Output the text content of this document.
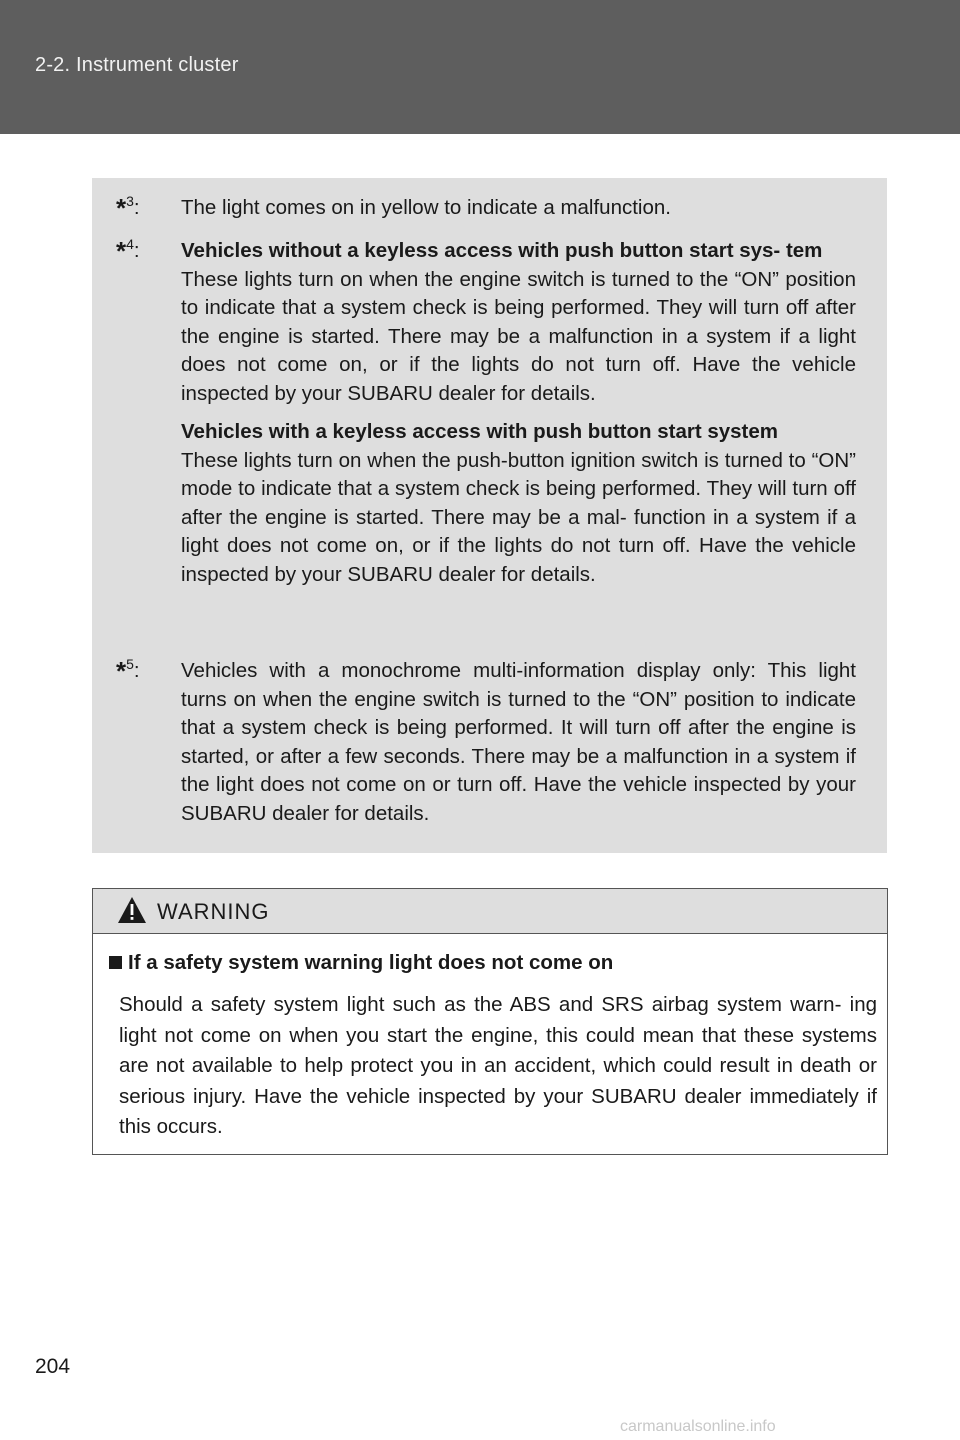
2-2. Instrument cluster
*$^3$:	The light comes on in yellow to indicate a malfunction.
*$^4$:	Vehicles without a keyless access with push button start sys- tem
These lights turn on when the engine switch is turned to the “ON” position to indicate that a system check is being performed. They will turn off after the engine is started. There may be a malfunction in a system if a light does not come on, or if the lights do not turn off. Have the vehicle inspected by your SUBARU dealer for details.
Vehicles with a keyless access with push button start system
These lights turn on when the push-button ignition switch is turned to “ON” mode to indicate that a system check is being performed. They will turn off after the engine is started. There may be a mal- function in a system if a light does not come on, or if the lights do not turn off. Have the vehicle inspected by your SUBARU dealer for details.
*$^5$:	Vehicles with a monochrome multi-information display only: This light turns on when the engine switch is turned to the “ON” position to indicate that a system check is being performed. It will turn off after the engine is started, or after a few seconds. There may be a malfunction in a system if the light does not come on or turn off. Have the vehicle inspected by your SUBARU dealer for details.
WARNING
If a safety system warning light does not come on
Should a safety system light such as the ABS and SRS airbag system warn- ing light not come on when you start the engine, this could mean that these systems are not available to help protect you in an accident, which could result in death or serious injury. Have the vehicle inspected by your SUBARU dealer immediately if this occurs.
204
carmanualsonline.info
